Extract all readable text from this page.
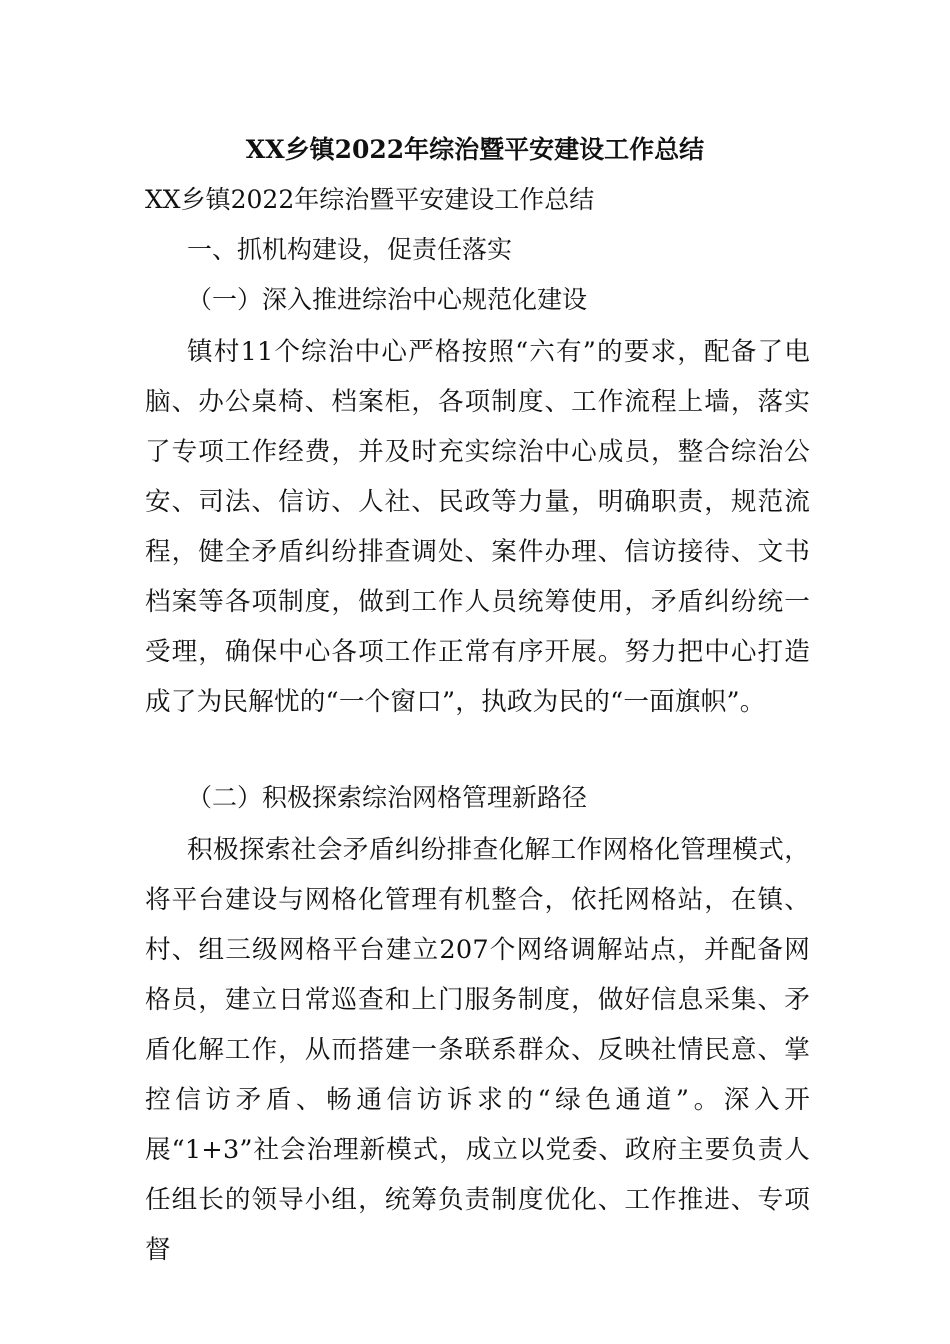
XX乡镇2022年综治暨平安建设工作总结

XX乡镇2022年综治暨平安建设工作总结

一、抓机构建设，促责任落实

（一）深入推进综治中心规范化建设

镇村11个综治中心严格按照“六有”的要求，配备了电脑、办公桌椅、档案柜，各项制度、工作流程上墙，落实了专项工作经费，并及时充实综治中心成员，整合综治公安、司法、信访、人社、民政等力量，明确职责，规范流程，健全矛盾纠纷排查调处、案件办理、信访接待、文书档案等各项制度，做到工作人员统筹使用，矛盾纠纷统一受理，确保中心各项工作正常有序开展。努力把中心打造成了为民解忧的“一个窗口”，执政为民的“一面旗帜”。

（二）积极探索综治网格管理新路径

积极探索社会矛盾纠纷排查化解工作网格化管理模式，将平台建设与网格化管理有机整合，依托网格站，在镇、村、组三级网格平台建立207个网络调解站点，并配备网格员，建立日常巡查和上门服务制度，做好信息采集、矛盾化解工作，从而搭建一条联系群众、反映社情民意、掌控信访矛盾、畅通信访诉求的“绿色通道”。深入开展“1+3”社会治理新模式，成立以党委、政府主要负责人任组长的领导小组，统筹负责制度优化、工作推进、专项督
